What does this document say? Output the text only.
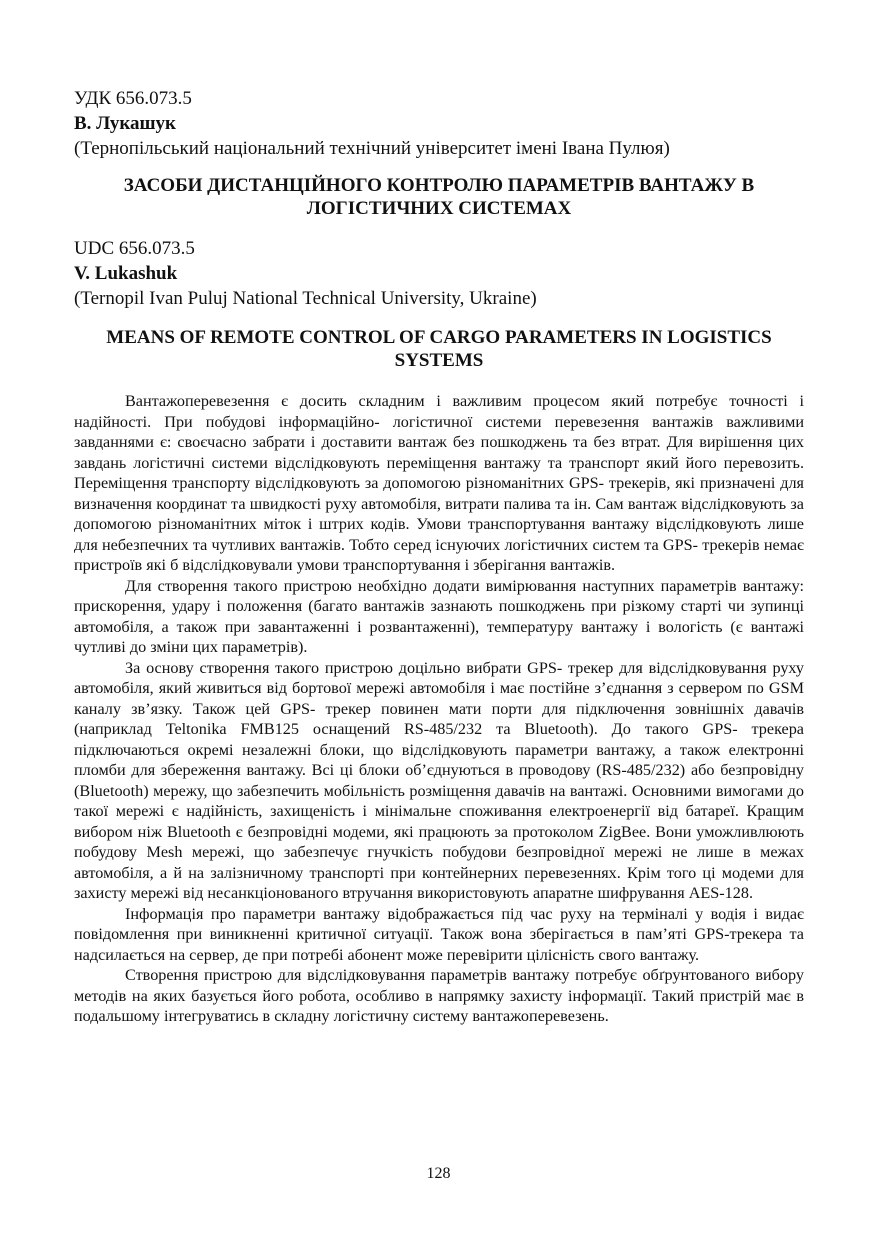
УДК 656.073.5

В. Лукашук

(Тернопільський національний технічний університет імені Івана Пулюя)

ЗАСОБИ ДИСТАНЦІЙНОГО КОНТРОЛЮ ПАРАМЕТРІВ ВАНТАЖУ В ЛОГІСТИЧНИХ СИСТЕМАХ

UDC 656.073.5

V. Lukashuk

(Ternopil Ivan Puluj National Technical University, Ukraine)

MEANS OF REMOTE CONTROL OF CARGO PARAMETERS IN LOGISTICS SYSTEMS

Вантажоперевезення є досить складним і важливим процесом який потребує точності і надійності. При побудові інформаційно- логістичної системи перевезення вантажів важливими завданнями є: своєчасно забрати і доставити вантаж без пошкоджень та без втрат. Для вирішення цих завдань логістичні системи відслідковують переміщення вантажу та транспорт який його перевозить. Переміщення транспорту відслідковують за допомогою різноманітних GPS- трекерів, які призначені для визначення координат та швидкості руху автомобіля, витрати палива та ін. Сам вантаж відслідковують за допомогою різноманітних міток і штрих кодів. Умови транспортування вантажу відслідковують лише для небезпечних та чутливих вантажів. Тобто серед існуючих логістичних систем та GPS- трекерів немає пристроїв які б відслідковували умови транспортування і зберігання вантажів.

Для створення такого пристрою необхідно додати вимірювання наступних параметрів вантажу: прискорення, удару і положення (багато вантажів зазнають пошкоджень при різкому старті чи зупинці автомобіля, а також при завантаженні і розвантаженні), температуру вантажу і вологість (є вантажі чутливі до зміни цих параметрів).

За основу створення такого пристрою доцільно вибрати GPS- трекер для відслідковування руху автомобіля, який живиться від бортової мережі автомобіля і має постійне з’єднання з сервером по GSM каналу зв’язку. Також цей GPS- трекер повинен мати порти для підключення зовнішніх давачів (наприклад Teltonika FMB125 оснащений RS-485/232 та Bluetooth). До такого GPS- трекера підключаються окремі незалежні блоки, що відслідковують параметри вантажу, а також електронні пломби для збереження вантажу. Всі ці блоки об’єднуються в проводову (RS-485/232) або безпровідну (Bluetooth) мережу, що забезпечить мобільність розміщення давачів на вантажі. Основними вимогами до такої мережі є надійність, захищеність і мінімальне споживання електроенергії від батареї. Кращим вибором ніж Bluetooth є безпровідні модеми, які працюють за протоколом ZigBee. Вони уможливлюють побудову Mesh мережі, що забезпечує гнучкість побудови безпровідної мережі не лише в межах автомобіля, а й на залізничному транспорті при контейнерних перевезеннях. Крім того ці модеми для захисту мережі від несанкціонованого втручання використовують апаратне шифрування AES-128.

Інформація про параметри вантажу відображається під час руху на терміналі у водія і видає повідомлення при виникненні критичної ситуації. Також вона зберігається в пам’яті GPS-трекера та надсилається на сервер, де при потребі абонент може перевірити цілісність свого вантажу.

Створення пристрою для відслідковування параметрів вантажу потребує обґрунтованого вибору методів на яких базується його робота, особливо в напрямку захисту інформації. Такий пристрій має в подальшому інтегруватись в складну логістичну систему вантажоперевезень.

128
